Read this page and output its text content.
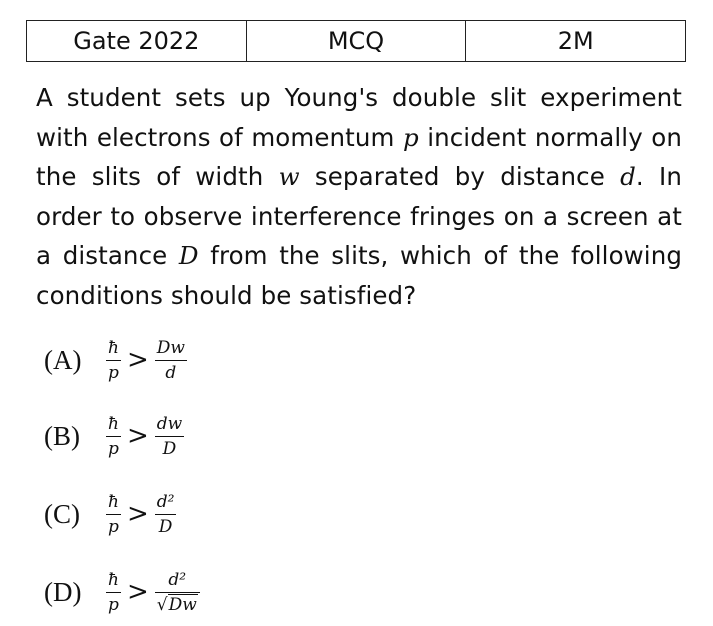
Gate 2022	MCQ	2M
A student sets up Young's double slit experiment with electrons of momentum p incident normally on the slits of width w separated by distance d. In order to observe interference fringes on a screen at a distance D from the slits, which of the following conditions should be satisfied?
(A)	$\frac{ħ}{p} > \frac{Dw}{d}$
(B)	$\frac{ħ}{p} > \frac{dw}{D}$
(C)	$\frac{ħ}{p} > \frac{\text{d²}}{D}$
(D)	$\frac{ħ}{p} > \frac{\text{d²}}{√Dw}$
